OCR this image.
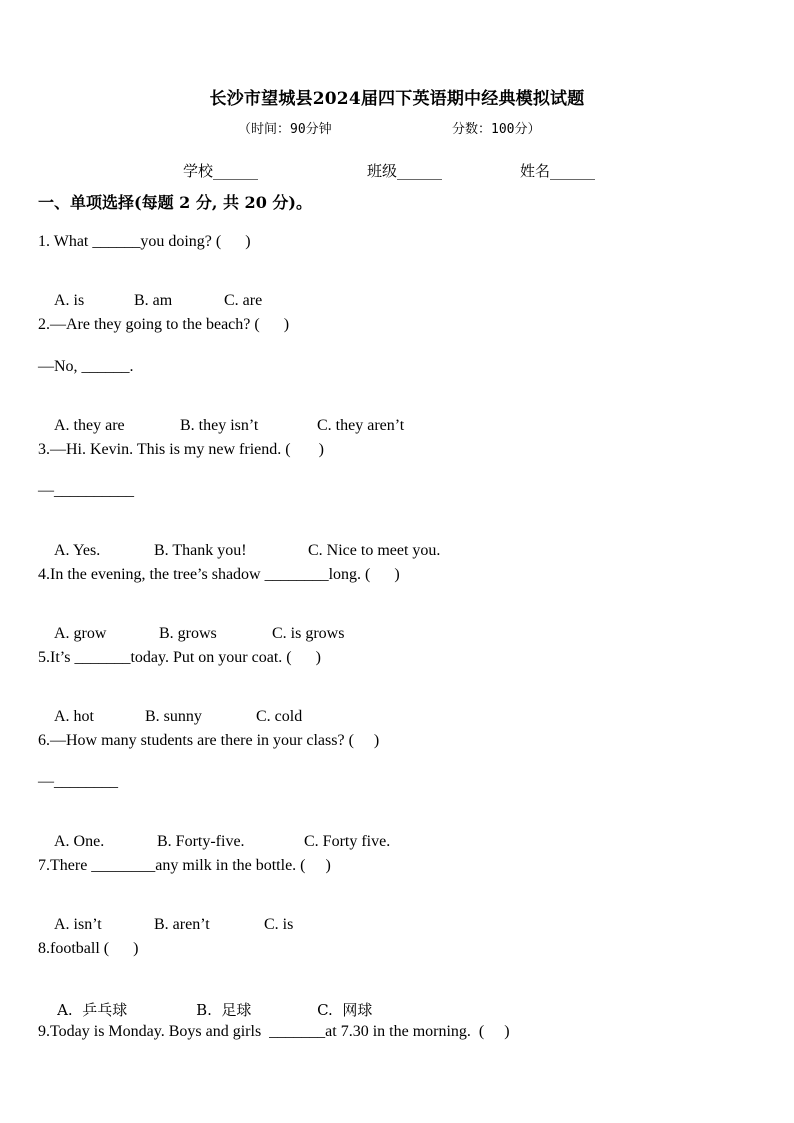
长沙市望城县2024届四下英语期中经典模拟试题
（时间：90分钟	分数：100分）
学校______	班级______	姓名______
一、单项选择(每题 2 分, 共 20 分)。
1. What ______you doing? (      )

A. is	B. am	C. are

2.—Are they going to the beach? (      )
—No, ______.

A. they are	B. they isn’t	C. they aren’t

3.—Hi. Kevin. This is my new friend. (       )
—__________

A. Yes.	B. Thank you!	C. Nice to meet you.

4.In the evening, the tree’s shadow ________long. (      )

A. grow	B. grows	C. is grows

5.It’s _______today. Put on your coat. (      )

A. hot	B. sunny	C. cold

6.—How many students are there in your class? (     )
—________

A. One.	B. Forty-five.	C. Forty five.

7.There ________any milk in the bottle. (     )

A. isn’t	B. aren’t	C. is

8.football (      )

A.  乒乓球	B.  足球	C.  网球

9.Today is Monday. Boys and girls  _______at 7.30 in the morning.  (     )
